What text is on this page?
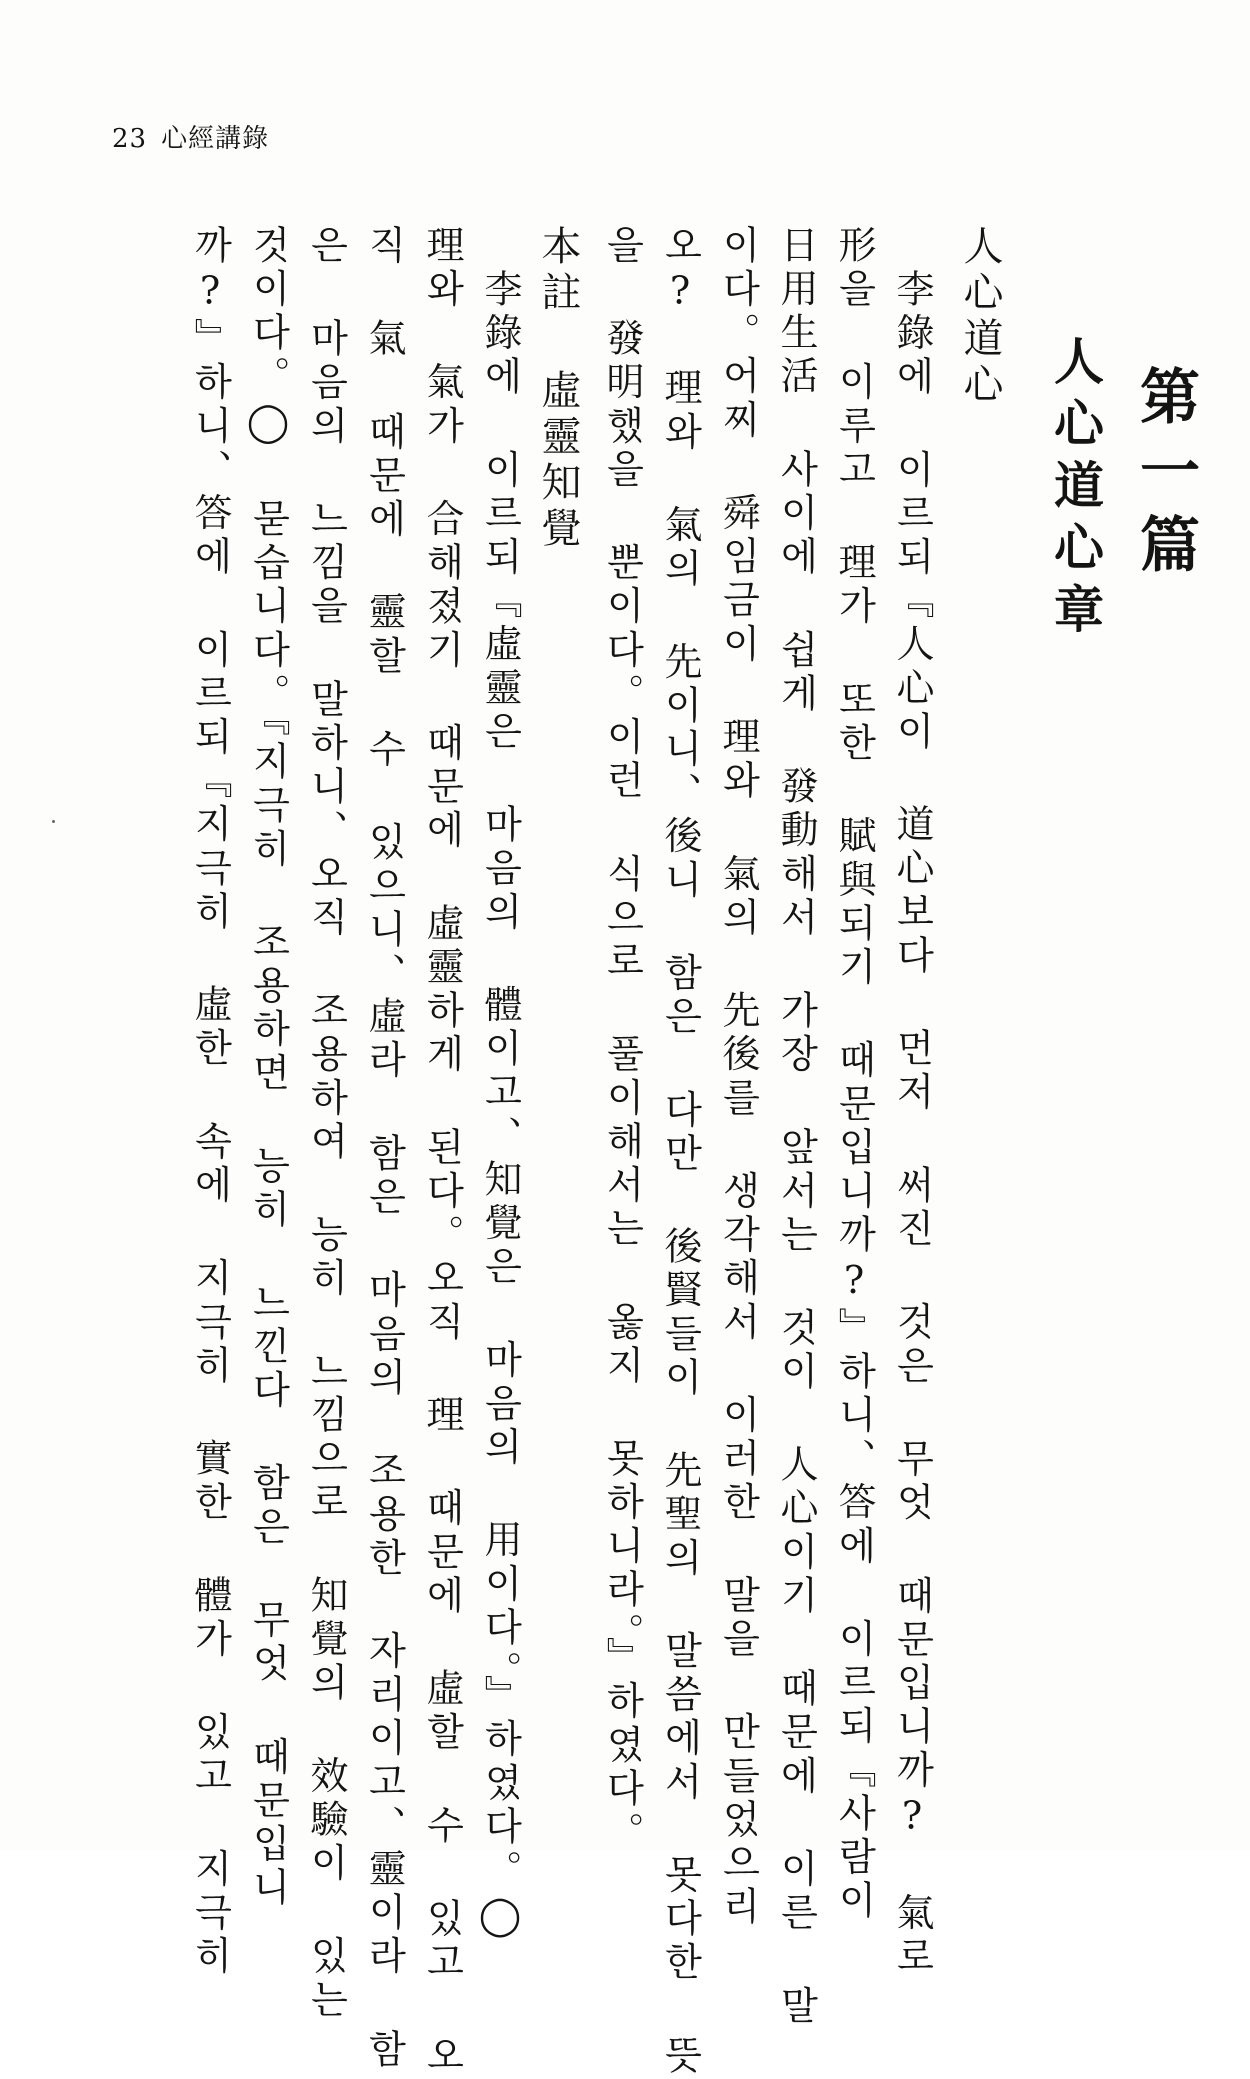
23 心經講錄
第一篇
人心道心章
人心道心
李錄에 이르되『人心이 道心보다 먼저 써진 것은 무엇 때문입니까? 氣로
形을 이루고 理가 또한 賦與되기 때문입니까?』하니、答에 이르되『사람이
日用生活 사이에 쉽게 發動해서 가장 앞서는 것이 人心이기 때문에 이른 말
이다。어찌 舜임금이 理와 氣의 先後를 생각해서 이러한 말을 만들었으리
오? 理와 氣의 先이니、後니 함은 다만 後賢들이 先聖의 말씀에서 못다한 뜻
을 發明했을 뿐이다。이런 식으로 풀이해서는 옳지 못하니라。』하였다。
本註 虛靈知覺
李錄에 이르되『虛靈은 마음의 體이고、知覺은 마음의 用이다。』하였다。◯
理와 氣가 合해졌기 때문에 虛靈하게 된다。오직 理 때문에 虛할 수 있고 오
직 氣 때문에 靈할 수 있으니、虛라 함은 마음의 조용한 자리이고、靈이라 함
은 마음의 느낌을 말하니、오직 조용하여 능히 느낌으로 知覺의 效驗이 있는
것이다。◯ 묻습니다。『지극히 조용하면 능히 느낀다 함은 무엇 때문입니
까?』하니、答에 이르되『지극히 虛한 속에 지극히 實한 體가 있고 지극히
